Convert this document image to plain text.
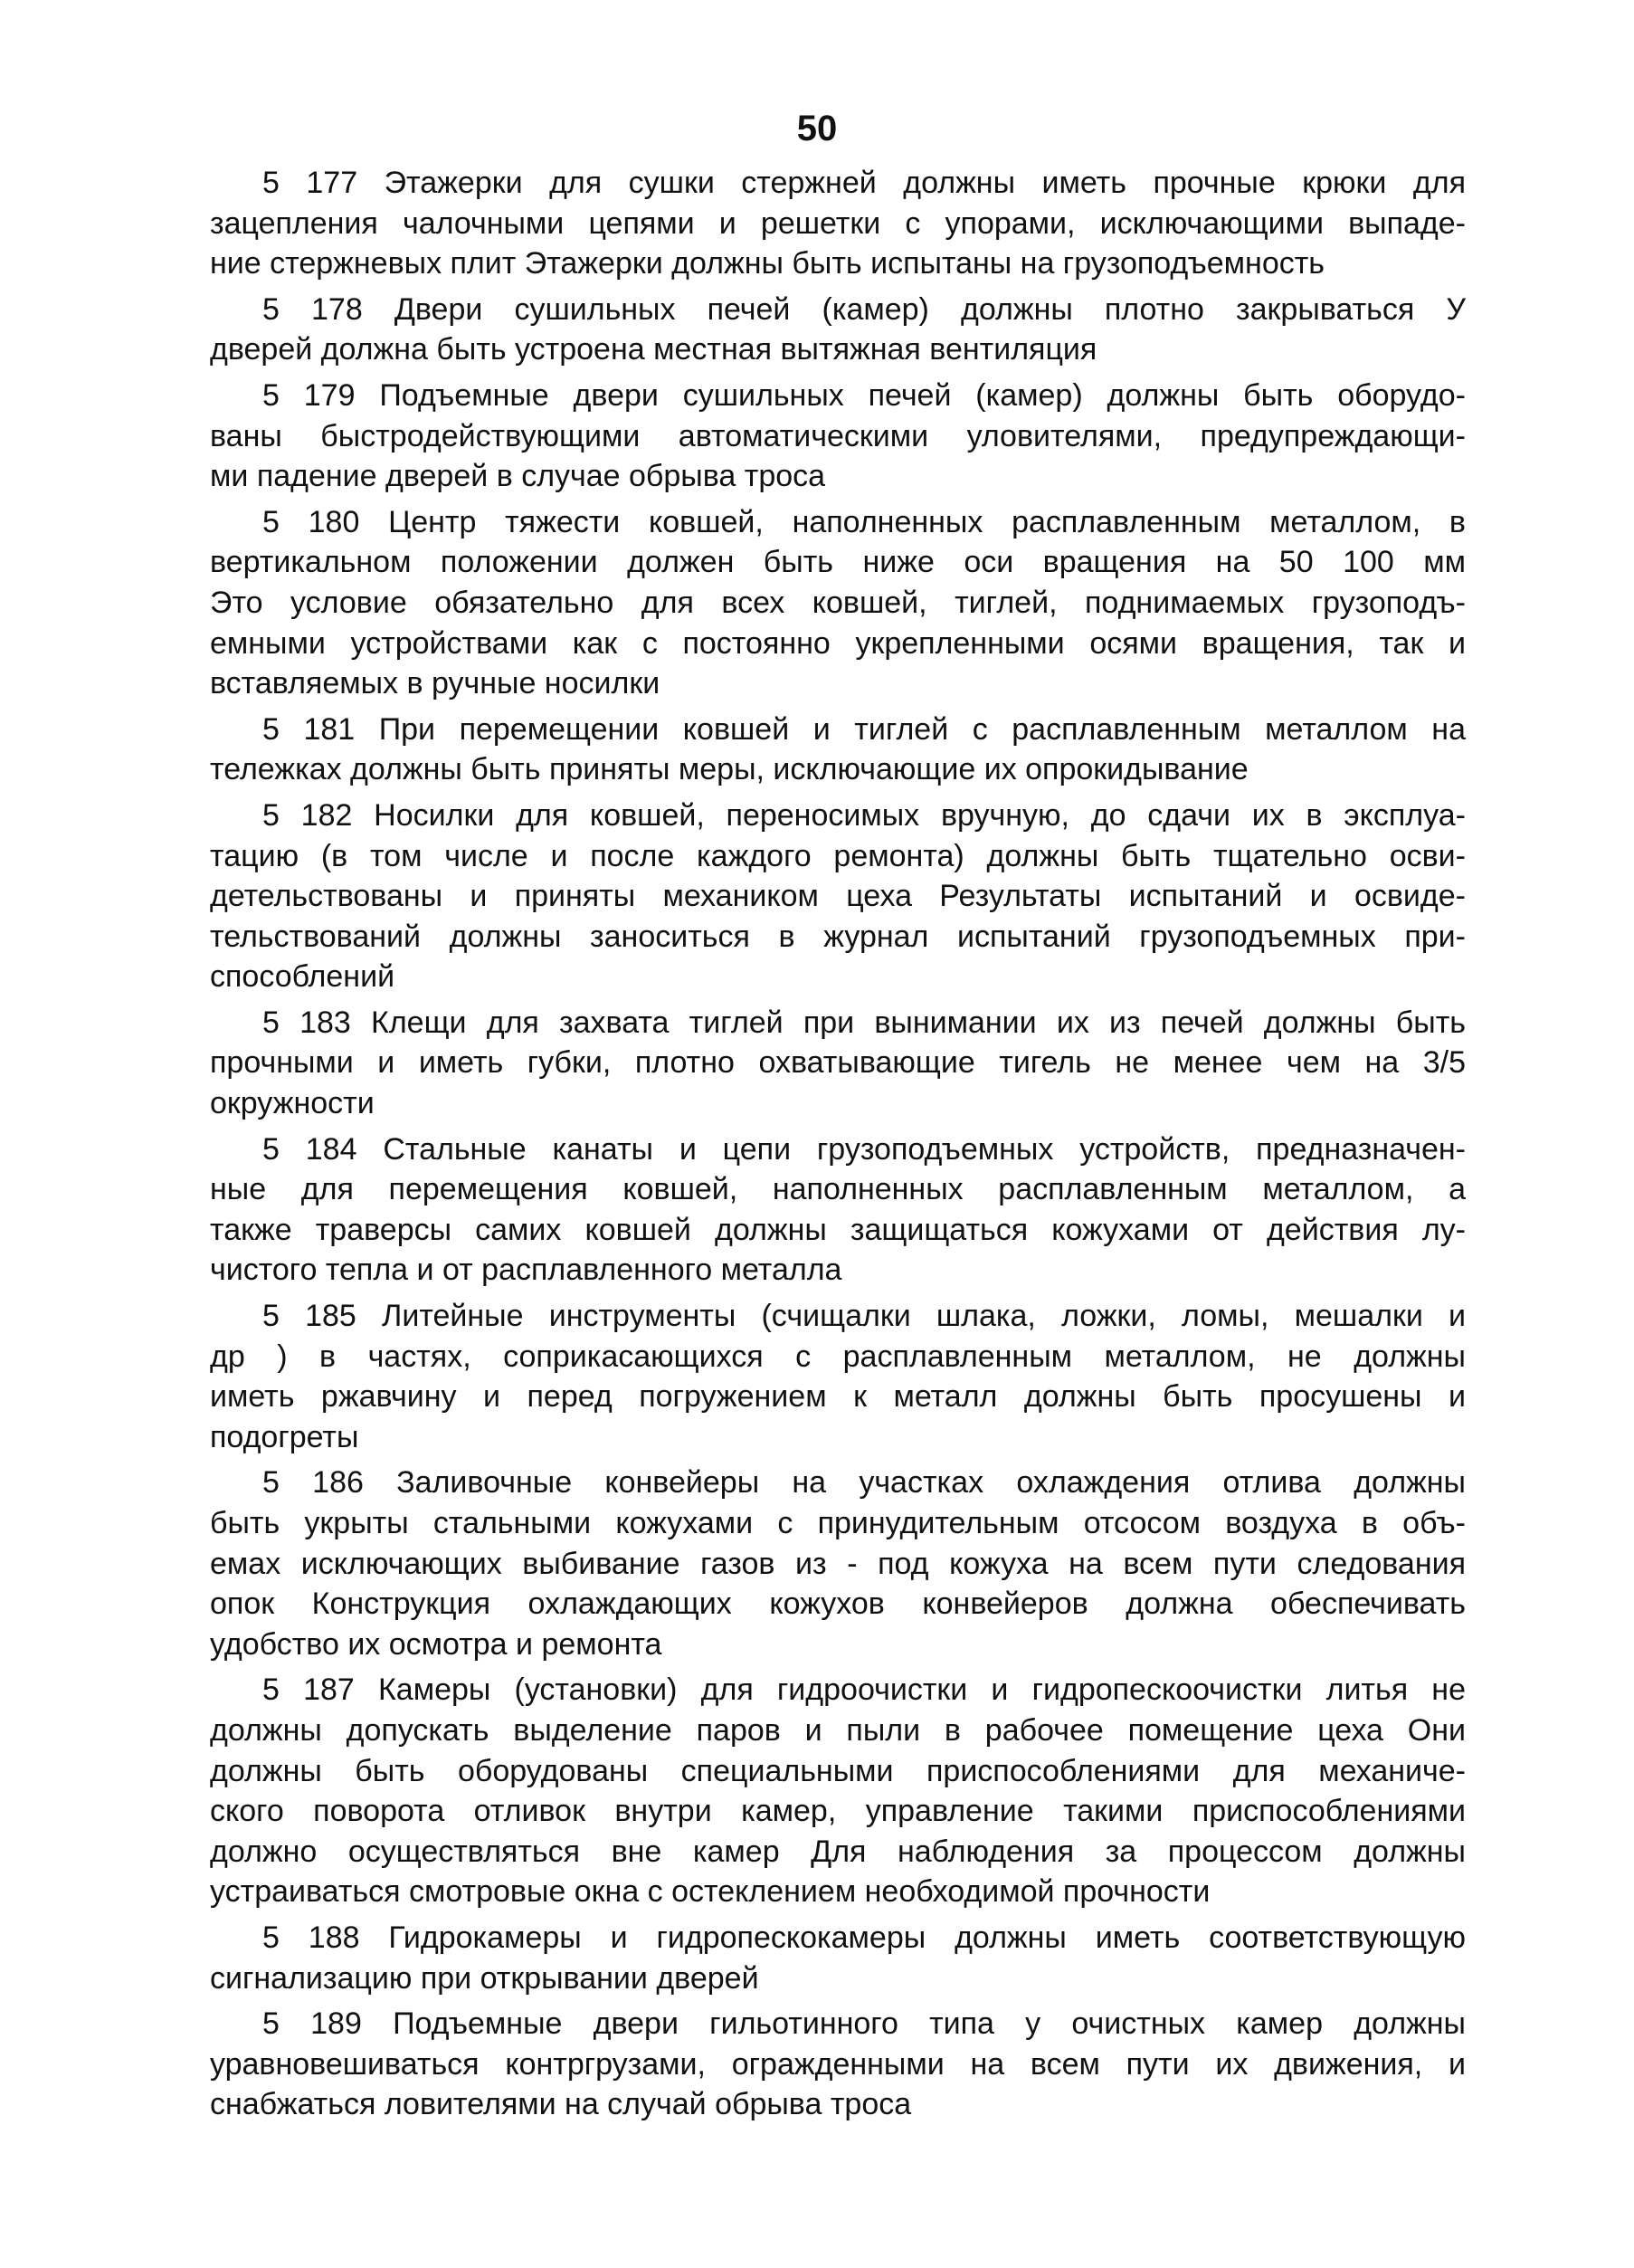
50

5 177 Этажерки для сушки стержней должны иметь прочные крюки для
зацепления чалочными цепями и решетки с упорами, исключающими выпаде-
ние стержневых плит Этажерки должны быть испытаны на грузоподъемность

5 178 Двери сушильных печей (камер) должны плотно закрываться У
дверей должна быть устроена местная вытяжная вентиляция

5 179 Подъемные двери сушильных печей (камер) должны быть оборудо-
ваны быстродействующими автоматическими уловителями, предупреждающи-
ми падение дверей в случае обрыва троса

5 180 Центр тяжести ковшей, наполненных расплавленным металлом, в
вертикальном положении должен быть ниже оси вращения на 50 100 мм
Это условие обязательно для всех ковшей, тиглей, поднимаемых грузоподъ-
емными устройствами как с постоянно укрепленными осями вращения, так и
вставляемых в ручные носилки

5 181 При перемещении ковшей и тиглей с расплавленным металлом на
тележках должны быть приняты меры, исключающие их опрокидывание

5 182 Носилки для ковшей, переносимых вручную, до сдачи их в эксплуа-
тацию (в том числе и после каждого ремонта) должны быть тщательно осви-
детельствованы и приняты механиком цеха Результаты испытаний и освиде-
тельствований должны заноситься в журнал испытаний грузоподъемных при-
способлений

5 183 Клещи для захвата тиглей при вынимании их из печей должны быть
прочными и иметь губки, плотно охватывающие тигель не менее чем на 3/5
окружности

5 184 Стальные канаты и цепи грузоподъемных устройств, предназначен-
ные для перемещения ковшей, наполненных расплавленным металлом, а
также траверсы самих ковшей должны защищаться кожухами от действия лу-
чистого тепла и от расплавленного металла

5 185 Литейные инструменты (счищалки шлака, ложки, ломы, мешалки и
др ) в частях, соприкасающихся с расплавленным металлом, не должны
иметь ржавчину и перед погружением к металл должны быть просушены и
подогреты

5 186 Заливочные конвейеры на участках охлаждения отлива должны
быть укрыты стальными кожухами с принудительным отсосом воздуха в объ-
емах исключающих выбивание газов из - под кожуха на всем пути следования
опок Конструкция охлаждающих кожухов конвейеров должна обеспечивать
удобство их осмотра и ремонта

5 187 Камеры (установки) для гидроочистки и гидропескоочистки литья не
должны допускать выделение паров и пыли в рабочее помещение цеха Они
должны быть оборудованы специальными приспособлениями для механиче-
ского поворота отливок внутри камер, управление такими приспособлениями
должно осуществляться вне камер Для наблюдения за процессом должны
устраиваться смотровые окна с остеклением необходимой прочности

5 188 Гидрокамеры и гидропескокамеры должны иметь соответствующую
сигнализацию при открывании дверей

5 189 Подъемные двери гильотинного типа у очистных камер должны
уравновешиваться контргрузами, огражденными на всем пути их движения, и
снабжаться ловителями на случай обрыва троса
